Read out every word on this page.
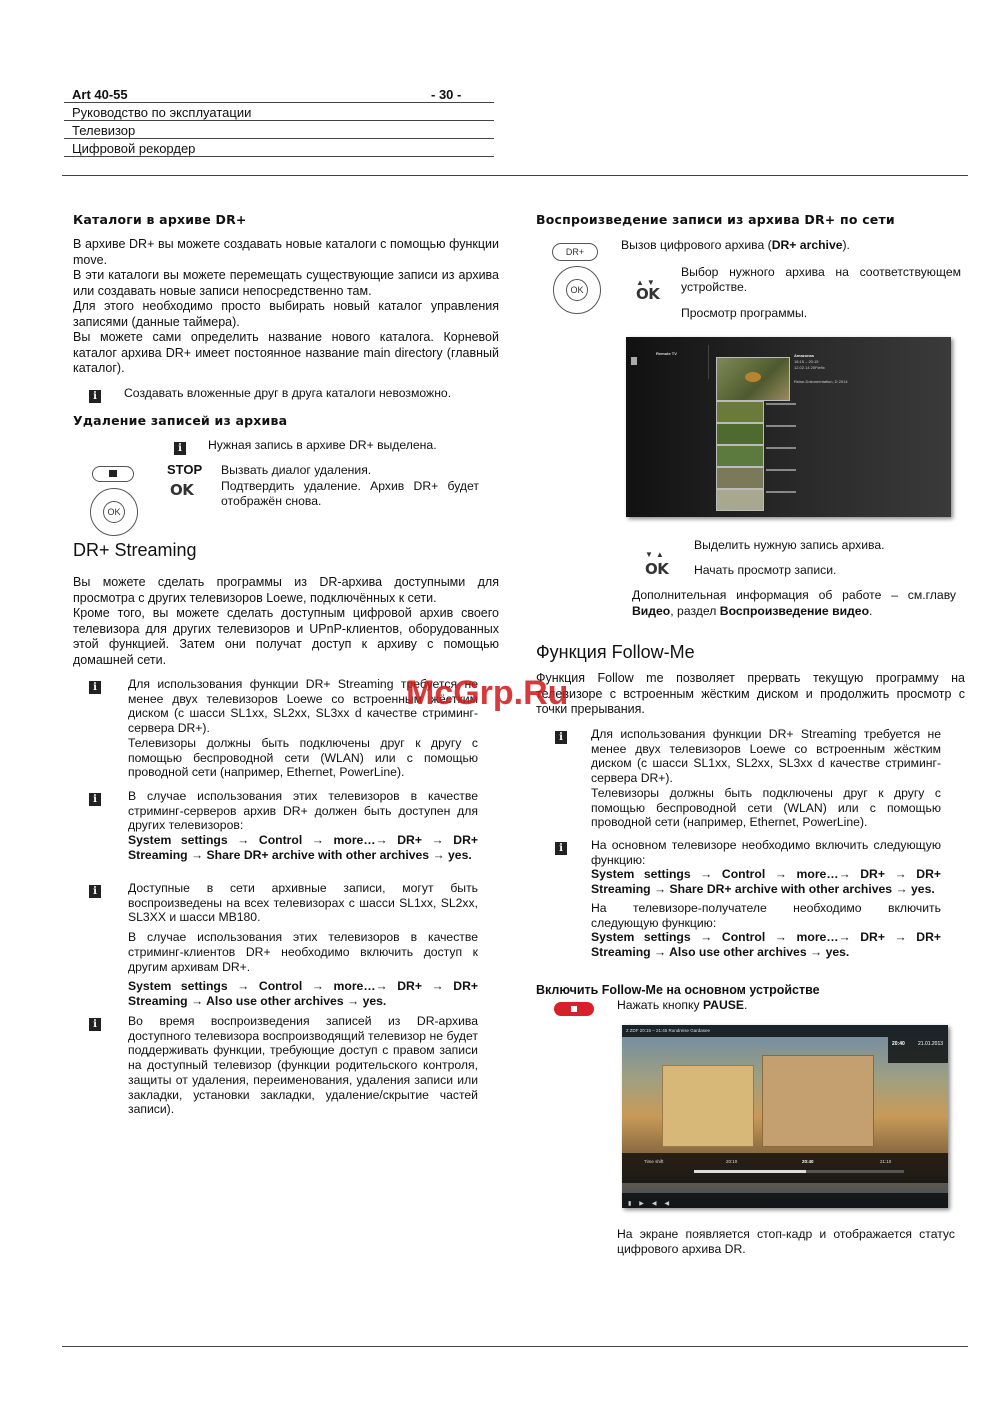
Art 40-55	- 30 -
Руководство по эксплуатации
Телевизор
Цифровой рекордер
Каталоги в архиве DR+

В архиве DR+ вы можете создавать новые каталоги с помощью функции move.

В эти каталоги вы можете перемещать существующие записи из архива или создавать новые записи непосредственно там.

Для этого необходимо просто выбирать новый каталог управления записями (данные таймера).

Вы можете сами определить название нового каталога. Корневой каталог архива DR+ имеет постоянное название main directory (главный каталог).

i	Создавать вложенные друг в друга каталоги невозможно.
Удаление записей из архива
i	Нужная запись в архиве DR+ выделена.
OK
STOP Вызвать диалог удаления.
OK Подтвердить удаление. Архив DR+ будет отображён снова.
DR+ Streaming

Вы можете сделать программы из DR-архива доступными для просмотра с других телевизоров Loewe, подключённых к сети.

Кроме того, вы можете сделать доступным цифровой архив своего телевизора для других телевизоров и UPnP-клиентов, оборудованных этой функцией. Затем они получат доступ к архиву с помощью домашней сети.

i	Для использования функции DR+ Streaming требуется не менее двух телевизоров Loewe со встроенным жёстким диском (с шасси SL1xx, SL2xx, SL3xx d качестве стриминг-сервера DR+).

Телевизоры должны быть подключены друг к другу с помощью беспроводной сети (WLAN) или с помощью проводной сети (например, Ethernet, PowerLine).

i	В случае использования этих телевизоров в качестве стриминг-серверов архив DR+ должен быть доступен для других телевизоров:

System settings → Control → more…→ DR+ → DR+ Streaming → Share DR+ archive with other archives → yes.

i	Доступные в сети архивные записи, могут быть воспроизведены на всех телевизорах с шасси SL1xx, SL2xx, SL3XX и шасси MB180.

В случае использования этих телевизоров в качестве стриминг-клиентов DR+ необходимо включить доступ к другим архивам DR+.

System settings → Control → more…→ DR+ → DR+ Streaming → Also use other archives → yes.

i	Во время воспроизведения записей из DR-архива доступного телевизора воспроизводящий телевизор не будет поддерживать функции, требующие доступ с правом записи на доступный телевизор (функции родительского контроля, защиты от удаления, переименования, удаления записи или закладки, установки закладки, удаление/скрытие частей записи).
Воспроизведение записи из архива DR+ по сети
DR+
OK
Вызов цифрового архива (DR+ archive).
▲▼
OK
Выбор нужного архива на соответствующем устройстве.
Просмотр программы.
Remote TV	Amazonas
18:15 – 20:15
12.02.14 20Fiefix
Reise-Dokumentation, D 2014
▼▲
Выделить нужную запись архива.
OK Начать просмотр записи.
Дополнительная информация об работе – см.главу Видео, раздел Воспроизведение видео.
Функция Follow-Me
Функция Follow me позволяет прервать текущую программу на телевизоре с встроенным жёстким диском и продолжить просмотр с точки прерывания.
i	Для использования функции DR+ Streaming требуется не менее двух телевизоров Loewe со встроенным жёстким диском (с шасси SL1xx, SL2xx, SL3xx d качестве стриминг-сервера DR+).

Телевизоры должны быть подключены друг к другу с помощью беспроводной сети (WLAN) или с помощью проводной сети (например, Ethernet, PowerLine).

i	На основном телевизоре необходимо включить следующую функцию:

System settings → Control → more…→ DR+ → DR+ Streaming → Share DR+ archive with other archives → yes.

На телевизоре-получателе необходимо включить следующую функцию:

System settings → Control → more…→ DR+ → DR+ Streaming → Also use other archives → yes.

Включить Follow-Me на основном устройстве
Нажать кнопку PAUSE.
2 ZDF 20:15 – 21:45 Rundreise Gardasee
20:40	21.01.2013
Time shift	20:10	20:40	21:10
▮▶◀◀
На экране появляется стоп-кадр и отображается статус цифрового архива DR.
McGrp.Ru
